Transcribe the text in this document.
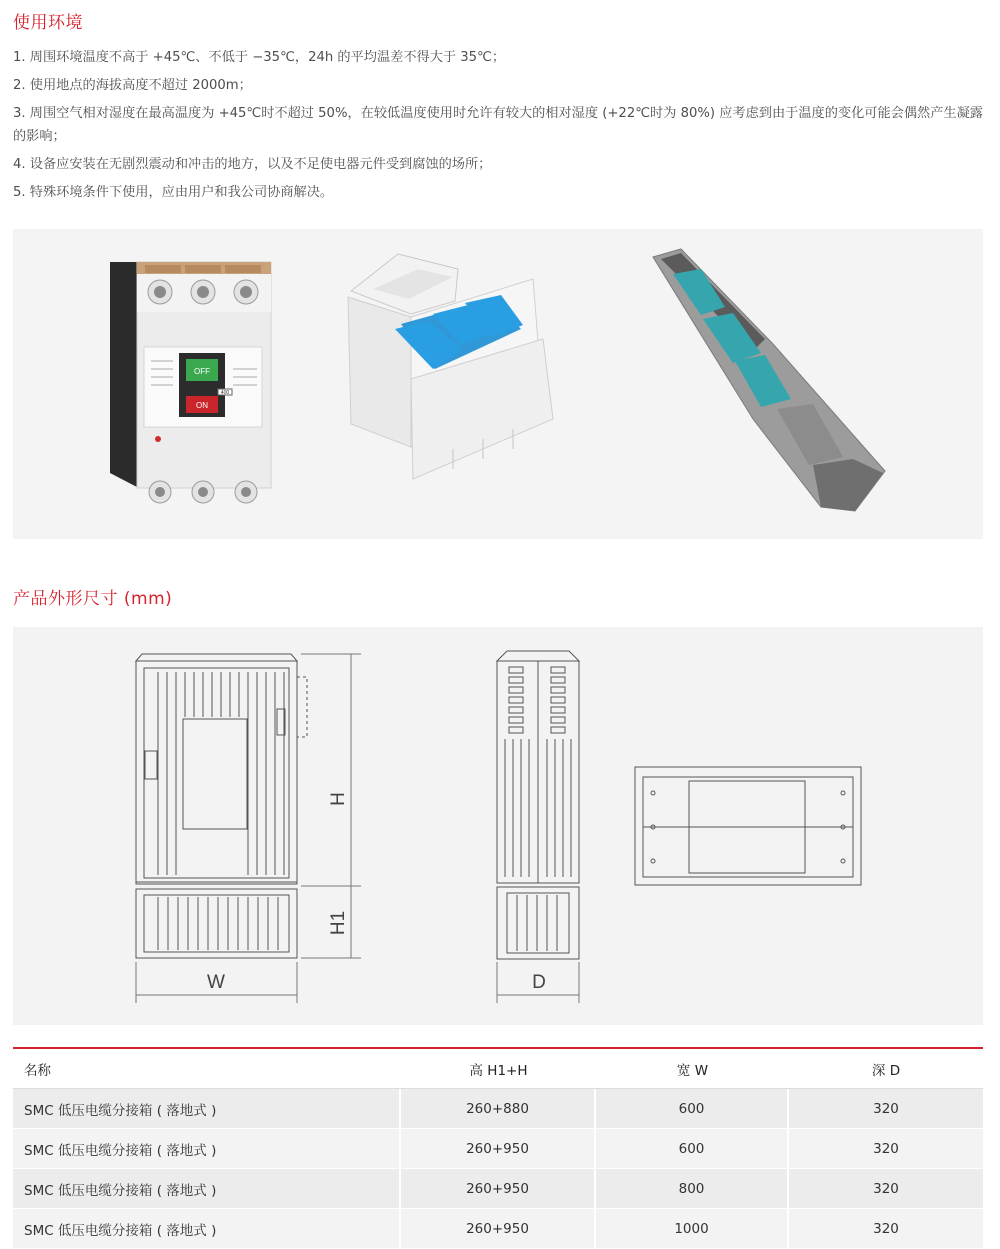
使用环境
1. 周围环境温度不高于 +45℃、不低于 −35℃，24h 的平均温差不得大于 35℃；
2. 使用地点的海拔高度不超过 2000m；
3. 周围空气相对湿度在最高温度为 +45℃时不超过 50%，在较低温度使用时允许有较大的相对湿度 (+22℃时为 80%) 应考虑到由于温度的变化可能会偶然产生凝露的影响；
4. 设备应安装在无剧烈震动和冲击的地方，以及不足使电器元件受到腐蚀的场所；
5. 特殊环境条件下使用，应由用户和我公司协商解决。
OFF
ON
400
产品外形尺寸 (mm)
H
H1
W	D
名称	高 H1+H	宽 W	深 D
SMC 低压电缆分接箱 ( 落地式 )	260+880	600	320
SMC 低压电缆分接箱 ( 落地式 )	260+950	600	320
SMC 低压电缆分接箱 ( 落地式 )	260+950	800	320
SMC 低压电缆分接箱 ( 落地式 )	260+950	1000	320
